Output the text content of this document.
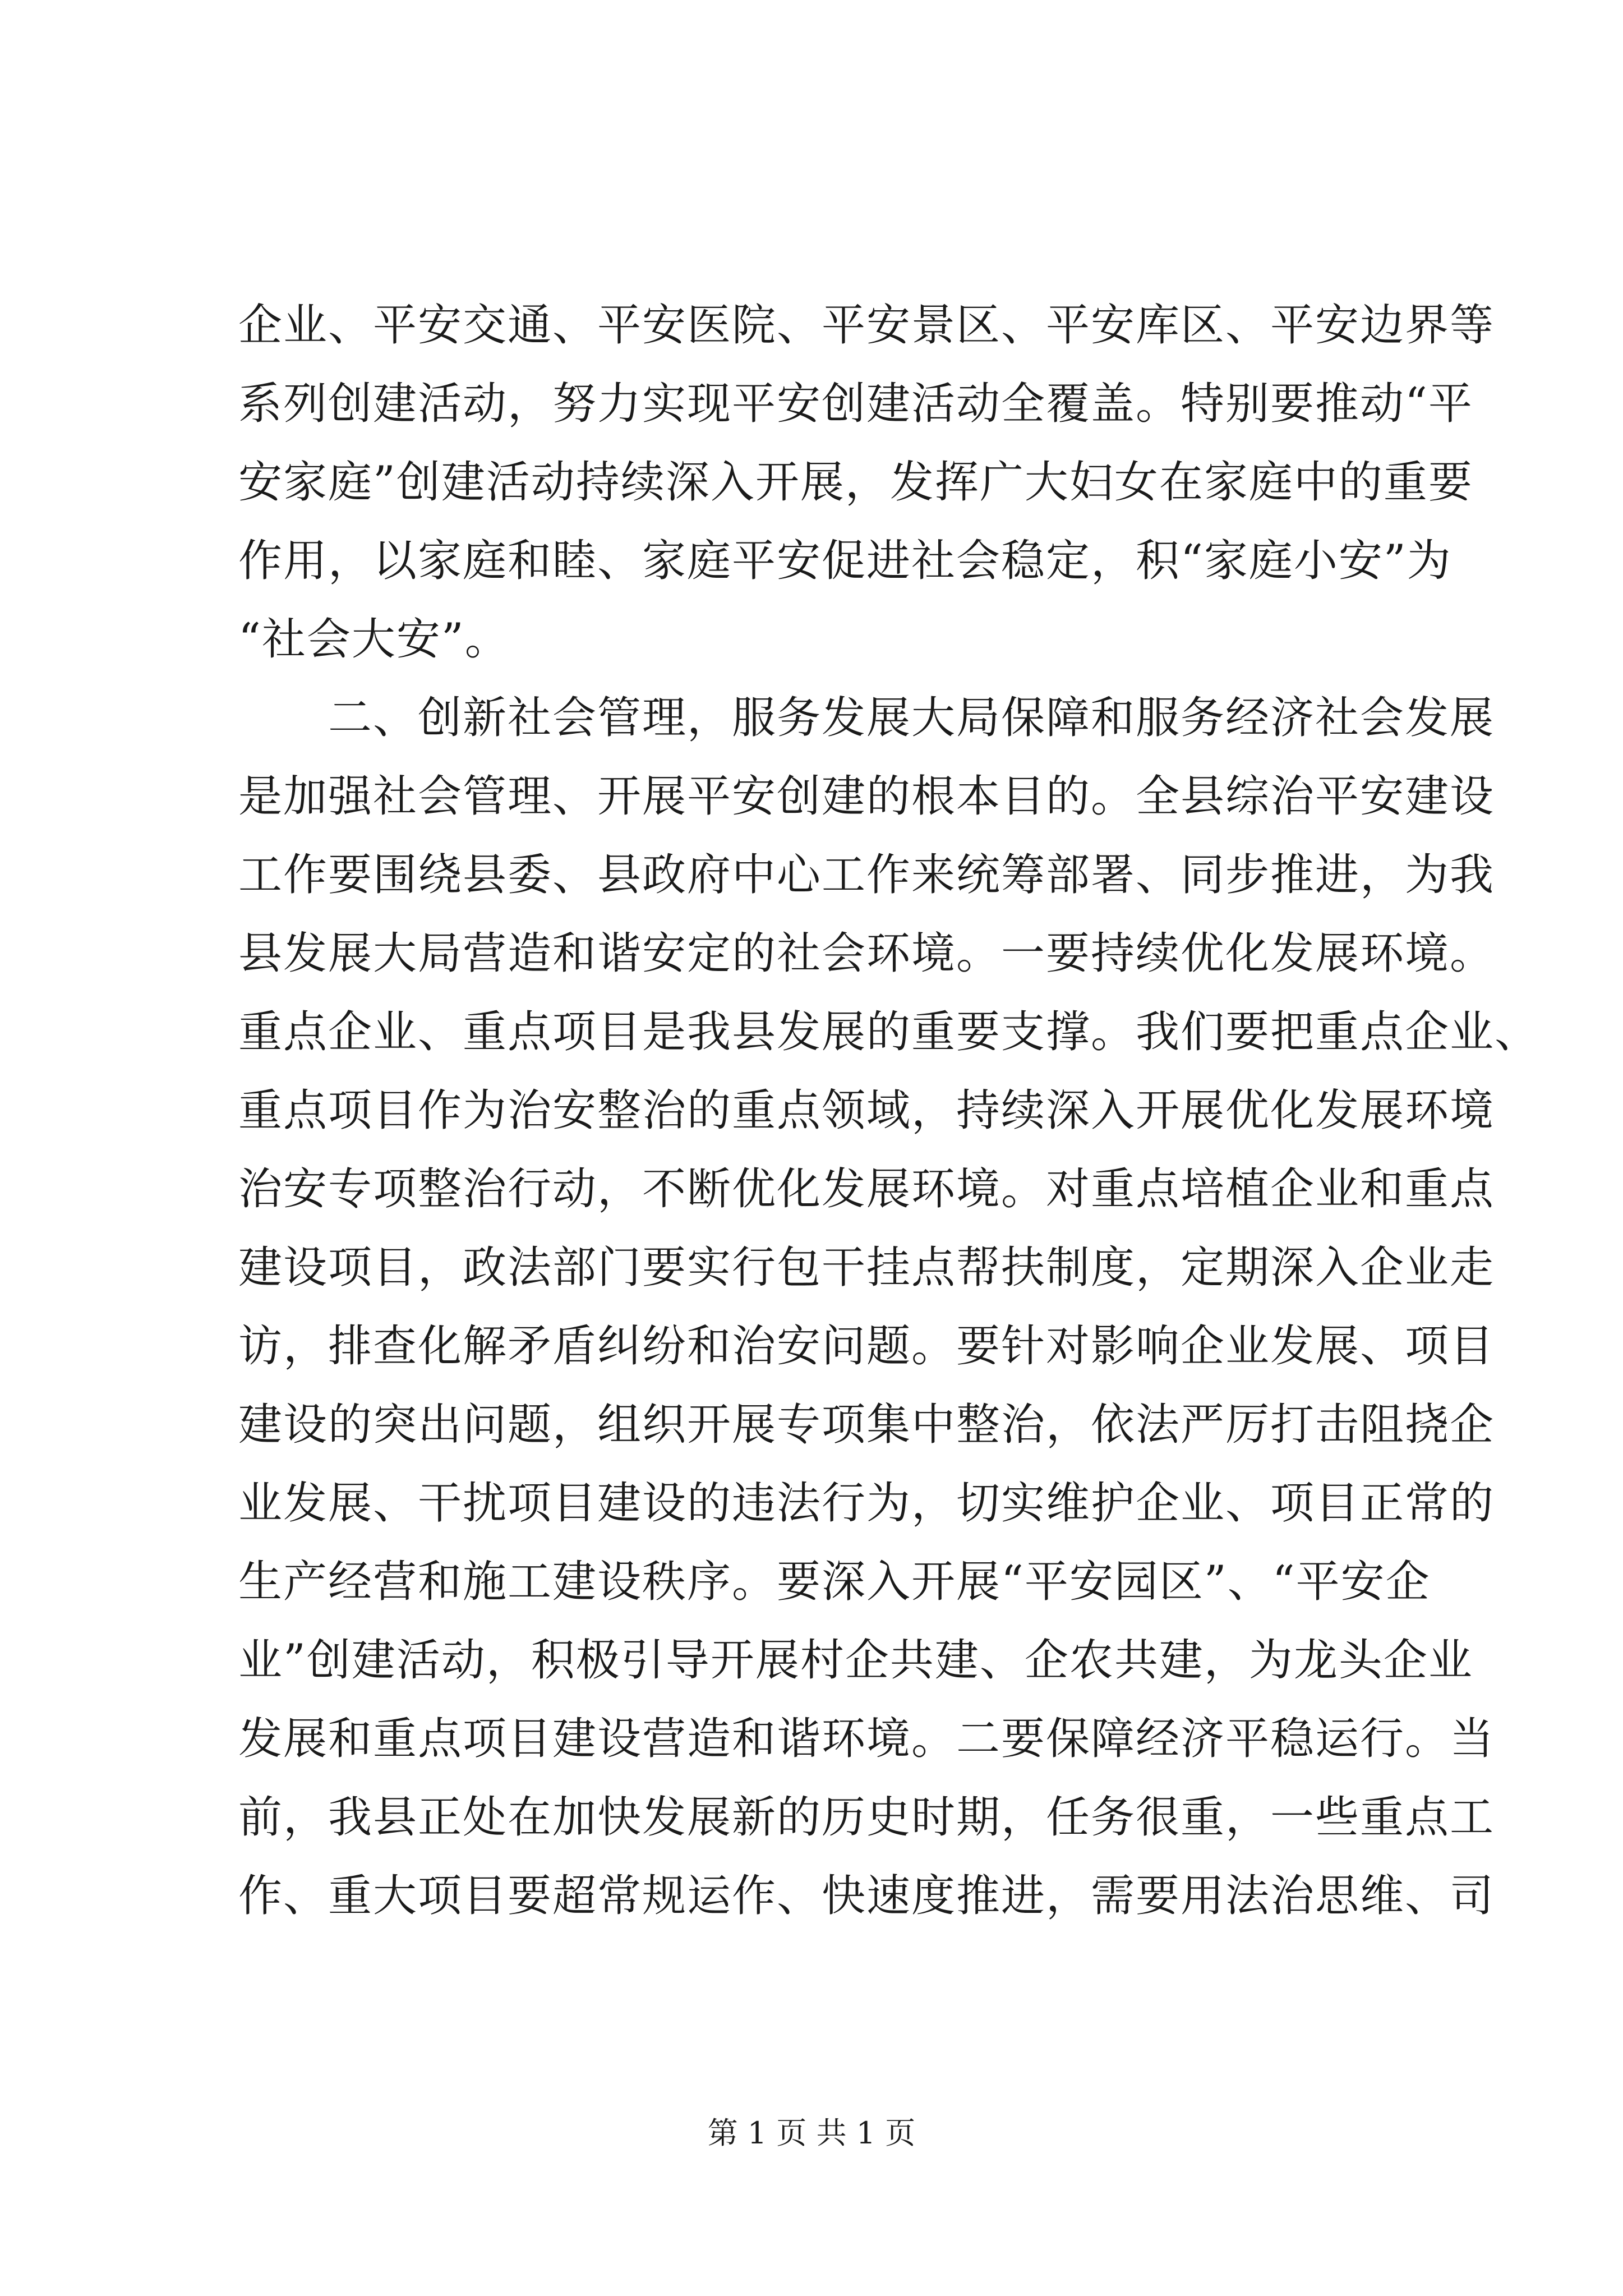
企业、平安交通、平安医院、平安景区、平安库区、平安边界等
系列创建活动，努力实现平安创建活动全覆盖。特别要推动“平
安家庭”创建活动持续深入开展，发挥广大妇女在家庭中的重要
作用，以家庭和睦、家庭平安促进社会稳定，积“家庭小安”为
“社会大安”。
　　二、创新社会管理，服务发展大局保障和服务经济社会发展
是加强社会管理、开展平安创建的根本目的。全县综治平安建设
工作要围绕县委、县政府中心工作来统筹部署、同步推进，为我
县发展大局营造和谐安定的社会环境。一要持续优化发展环境。
重点企业、重点项目是我县发展的重要支撑。我们要把重点企业、
重点项目作为治安整治的重点领域，持续深入开展优化发展环境
治安专项整治行动，不断优化发展环境。对重点培植企业和重点
建设项目，政法部门要实行包干挂点帮扶制度，定期深入企业走
访，排查化解矛盾纠纷和治安问题。要针对影响企业发展、项目
建设的突出问题，组织开展专项集中整治，依法严厉打击阻挠企
业发展、干扰项目建设的违法行为，切实维护企业、项目正常的
生产经营和施工建设秩序。要深入开展“平安园区”、“平安企
业”创建活动，积极引导开展村企共建、企农共建，为龙头企业
发展和重点项目建设营造和谐环境。二要保障经济平稳运行。当
前，我县正处在加快发展新的历史时期，任务很重，一些重点工
作、重大项目要超常规运作、快速度推进，需要用法治思维、司
第 1 页 共 1 页
